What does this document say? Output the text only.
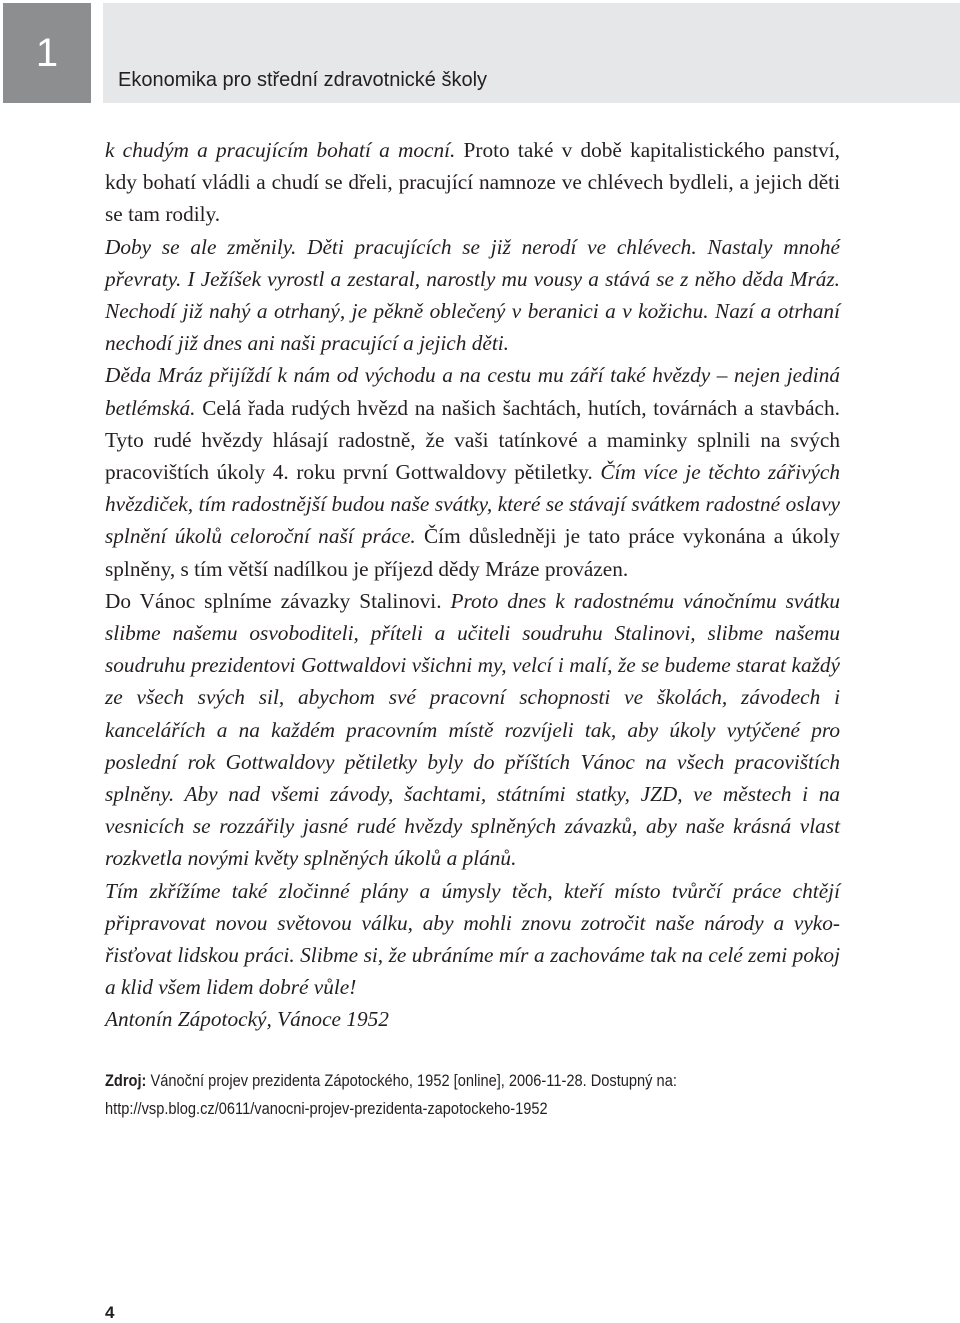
1
Ekonomika pro střední zdravotnické školy

k chudým a pracujícím bohatí a mocní. Proto také v době kapitalistického panství, kdy bohatí vládli a chudí se dřeli, pracující namnoze ve chlévech bydleli, a jejich děti se tam rodily.

Doby se ale změnily. Děti pracujících se již nerodí ve chlévech. Nastaly mnohé převraty. I Ježíšek vyrostl a zestaral, narostly mu vousy a stává se z něho děda Mráz. Nechodí již nahý a otrhaný, je pěkně oblečený v beranici a v kožichu. Nazí a otrhaní nechodí již dnes ani naši pracující a jejich děti.

Děda Mráz přijíždí k nám od východu a na cestu mu září také hvězdy – nejen jediná betlémská. Celá řada rudých hvězd na našich šachtách, hutích, továrnách a stavbách. Tyto rudé hvězdy hlásají radostně, že vaši tatínkové a maminky splnili na svých pracovištích úkoly 4. roku první Gottwaldovy pětiletky. Čím více je těchto zářivých hvězdiček, tím radostnější budou naše svátky, které se stávají svátkem radostné oslavy splnění úkolů celoroční naší práce. Čím důsledněji je tato práce vykonána a úkoly splněny, s tím větší nadílkou je příjezd dědy Mráze provázen.

Do Vánoc splníme závazky Stalinovi. Proto dnes k radostnému vánočnímu svátku slibme našemu osvoboditeli, příteli a učiteli soudruhu Stalinovi, slibme našemu soudruhu prezidentovi Gottwaldovi všichni my, velcí i malí, že se budeme starat každý ze všech svých sil, abychom své pracovní schopnosti ve školách, závodech i kancelářích a na každém pracovním místě rozvíjeli tak, aby úkoly vytýčené pro poslední rok Gottwaldovy pětiletky byly do příštích Vánoc na všech pracovištích splněny. Aby nad všemi závody, šachtami, státními statky, JZD, ve městech i na vesnicích se rozzářily jasné rudé hvězdy splněných závazků, aby naše krásná vlast rozkvetla novými květy splněných úkolů a plánů.

Tím zkřížíme také zločinné plány a úmysly těch, kteří místo tvůrčí práce chtějí připravovat novou světovou válku, aby mohli znovu zotročit naše národy a vykořisťovat lidskou práci. Slibme si, že ubráníme mír a zachováme tak na celé zemi pokoj a klid všem lidem dobré vůle!

Antonín Zápotocký, Vánoce 1952

Zdroj: Vánoční projev prezidenta Zápotockého, 1952 [online], 2006-11-28. Dostupný na: http://vsp.blog.cz/0611/vanocni-projev-prezidenta-zapotockeho-1952
4
